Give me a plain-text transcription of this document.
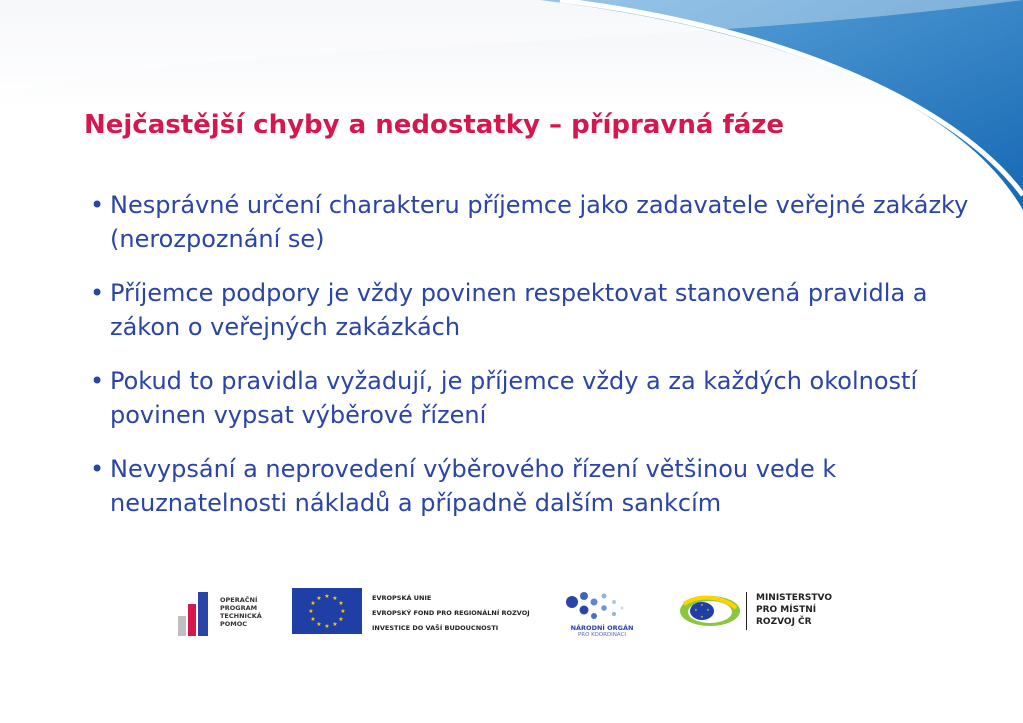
Nejčastější chyby a nedostatky – přípravná fáze
• Nesprávné určení charakteru příjemce jako zadavatele veřejné zakázky (nerozpoznání se)
• Příjemce podpory je vždy povinen respektovat stanovená pravidla a zákon o veřejných zakázkách
• Pokud to pravidla vyžadují, je příjemce vždy a za každých okolností povinen vypsat výběrové řízení
• Nevypsání a neprovedení výběrového řízení většinou vede k neuznatelnosti nákladů a případně dalším sankcím
OPERAČNÍ
PROGRAM
TECHNICKÁ
POMOC
★ ★
★
★
★
★
★
★
★
★
★
★	EVROPSKÁ UNIE
EVROPSKÝ FOND PRO REGIONÁLNÍ ROZVOJ
INVESTICE DO VAŠÍ BUDOUCNOSTI	NÁRODNÍ ORGÁN
PRO KOORDINACI
★
★
★
★
MINISTERSTVO
PRO MÍSTNÍ
ROZVOJ ČR
